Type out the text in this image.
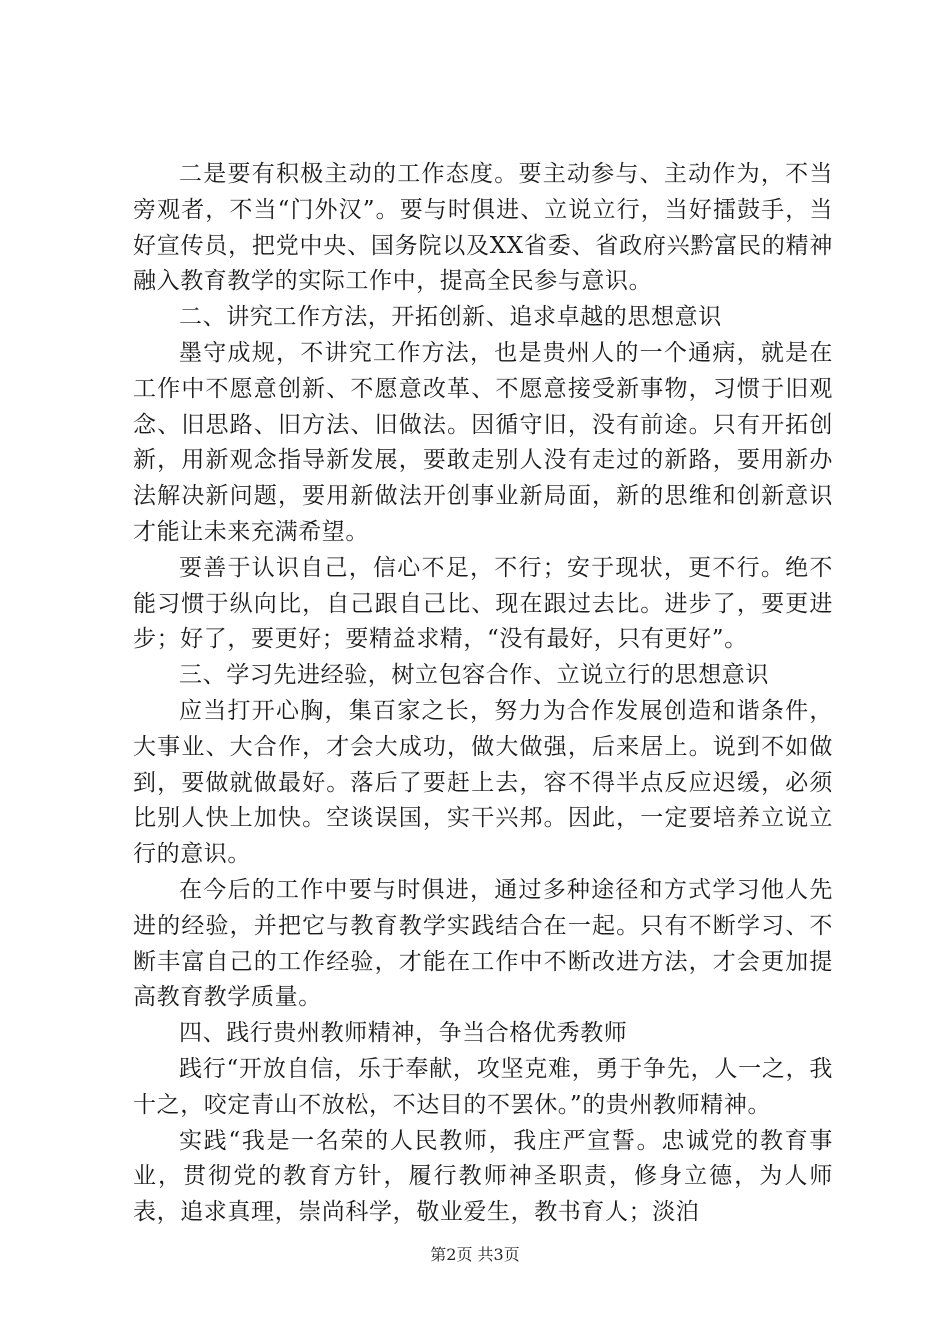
二是要有积极主动的工作态度。要主动参与、主动作为，不当旁观者，不当“门外汉”。要与时俱进、立说立行，当好擂鼓手，当好宣传员，把党中央、国务院以及XX省委、省政府兴黔富民的精神融入教育教学的实际工作中，提高全民参与意识。

二、讲究工作方法，开拓创新、追求卓越的思想意识

墨守成规，不讲究工作方法，也是贵州人的一个通病，就是在工作中不愿意创新、不愿意改革、不愿意接受新事物，习惯于旧观念、旧思路、旧方法、旧做法。因循守旧，没有前途。只有开拓创新，用新观念指导新发展，要敢走别人没有走过的新路，要用新办法解决新问题，要用新做法开创事业新局面，新的思维和创新意识才能让未来充满希望。

要善于认识自己，信心不足，不行；安于现状，更不行。绝不能习惯于纵向比，自己跟自己比、现在跟过去比。进步了，要更进步；好了，要更好；要精益求精，“没有最好，只有更好”。

三、学习先进经验，树立包容合作、立说立行的思想意识

应当打开心胸，集百家之长，努力为合作发展创造和谐条件，大事业、大合作，才会大成功，做大做强，后来居上。说到不如做到，要做就做最好。落后了要赶上去，容不得半点反应迟缓，必须比别人快上加快。空谈误国，实干兴邦。因此，一定要培养立说立行的意识。

在今后的工作中要与时俱进，通过多种途径和方式学习他人先进的经验，并把它与教育教学实践结合在一起。只有不断学习、不断丰富自己的工作经验，才能在工作中不断改进方法，才会更加提高教育教学质量。

四、践行贵州教师精神，争当合格优秀教师

践行“开放自信，乐于奉献，攻坚克难，勇于争先，人一之，我十之，咬定青山不放松，不达目的不罢休。”的贵州教师精神。

实践“我是一名荣的人民教师，我庄严宣誓。忠诚党的教育事业，贯彻党的教育方针，履行教师神圣职责，修身立德，为人师表，追求真理，崇尚科学，敬业爱生，教书育人；淡泊

第2页 共3页
